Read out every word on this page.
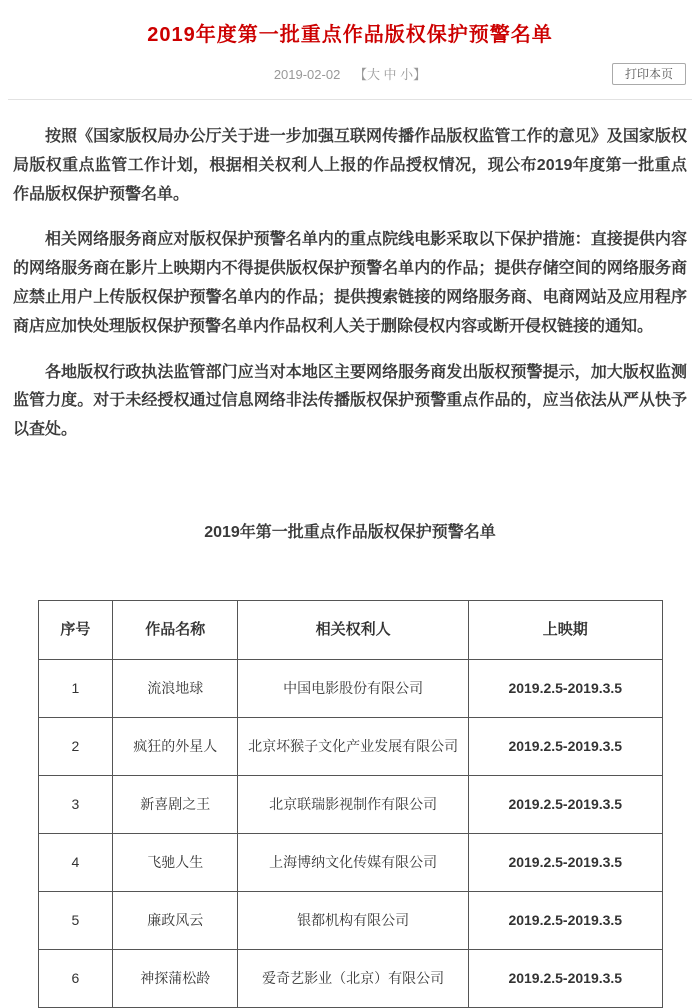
2019年度第一批重点作品版权保护预警名单
2019-02-02 【大 中 小】	打印本页

按照《国家版权局办公厅关于进一步加强互联网传播作品版权监管工作的意见》及国家版权局版权重点监管工作计划，根据相关权利人上报的作品授权情况，现公布2019年度第一批重点作品版权保护预警名单。

相关网络服务商应对版权保护预警名单内的重点院线电影采取以下保护措施：直接提供内容的网络服务商在影片上映期内不得提供版权保护预警名单内的作品；提供存储空间的网络服务商应禁止用户上传版权保护预警名单内的作品；提供搜索链接的网络服务商、电商网站及应用程序商店应加快处理版权保护预警名单内作品权利人关于删除侵权内容或断开侵权链接的通知。

各地版权行政执法监管部门应当对本地区主要网络服务商发出版权预警提示，加大版权监测监管力度。对于未经授权通过信息网络非法传播版权保护预警重点作品的，应当依法从严从快予以查处。

2019年第一批重点作品版权保护预警名单
序号	作品名称	相关权利人	上映期
1	流浪地球	中国电影股份有限公司	2019.2.5-2019.3.5
2	疯狂的外星人	北京坏猴子文化产业发展有限公司	2019.2.5-2019.3.5
3	新喜剧之王	北京联瑞影视制作有限公司	2019.2.5-2019.3.5
4	飞驰人生	上海博纳文化传媒有限公司	2019.2.5-2019.3.5
5	廉政风云	银都机构有限公司	2019.2.5-2019.3.5
6	神探蒲松龄	爱奇艺影业（北京）有限公司	2019.2.5-2019.3.5
